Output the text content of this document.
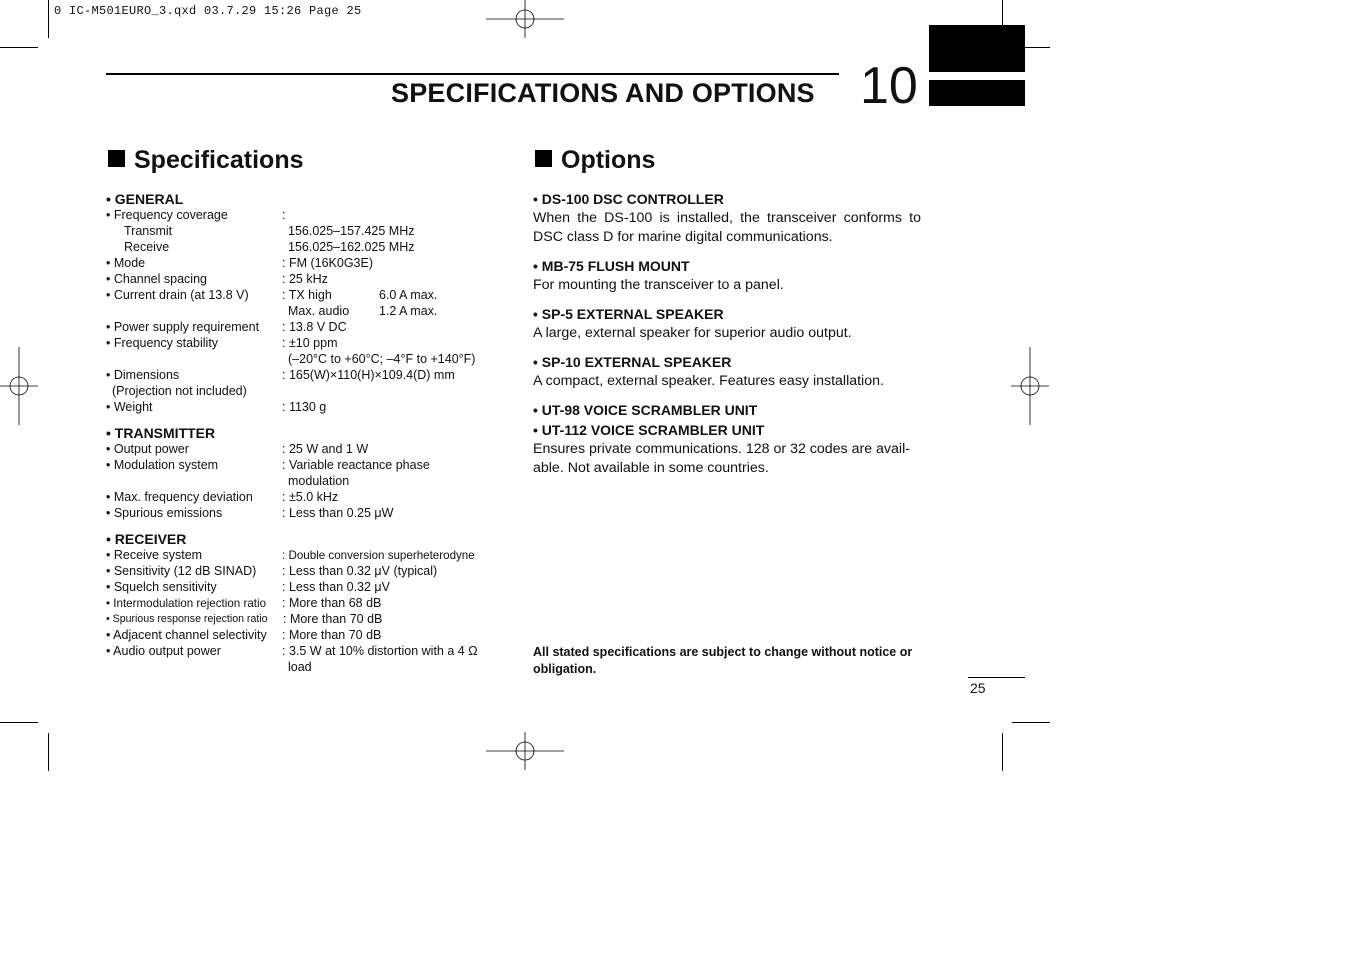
0 IC-M501EURO_3.qxd 03.7.29 15:26 Page 25
SPECIFICATIONS AND OPTIONS 10
Specifications
• GENERAL
• Frequency coverage	:
Transmit	156.025–157.425 MHz
Receive	156.025–162.025 MHz
• Mode	: FM (16K0G3E)
• Channel spacing	: 25 kHz
• Current drain (at 13.8 V)	: TX high	6.0 A max.
Max. audio 1.2 A max.
• Power supply requirement : 13.8 V DC
• Frequency stability	: ±10 ppm
(–20°C to +60°C; –4°F to +140°F)
• Dimensions	: 165(W)×110(H)×109.4(D) mm
(Projection not included)
• Weight	: 1130 g
• TRANSMITTER
• Output power	: 25 W and 1 W
• Modulation system	: Variable reactance phase
modulation
• Max. frequency deviation : ±5.0 kHz
• Spurious emissions	: Less than 0.25 μW
• RECEIVER
• Receive system	: Double conversion superheterodyne
• Sensitivity (12 dB SINAD) : Less than 0.32 μV (typical)
• Squelch sensitivity	: Less than 0.32 μV
• Intermodulation rejection ratio : More than 68 dB
• Spurious response rejection ratio : More than 70 dB
• Adjacent channel selectivity : More than 70 dB
• Audio output power	: 3.5 W at 10% distortion with a 4 Ω
load
Options
• DS-100 DSC CONTROLLER
When the DS-100 is installed, the transceiver conforms to
DSC class D for marine digital communications.
• MB-75 FLUSH MOUNT
For mounting the transceiver to a panel.
• SP-5 EXTERNAL SPEAKER
A large, external speaker for superior audio output.
• SP-10 EXTERNAL SPEAKER
A compact, external speaker. Features easy installation.
• UT-98 VOICE SCRAMBLER UNIT
• UT-112 VOICE SCRAMBLER UNIT
Ensures private communications. 128 or 32 codes are avail-
able. Not available in some countries.
All stated specifications are subject to change without notice or
obligation.
25
